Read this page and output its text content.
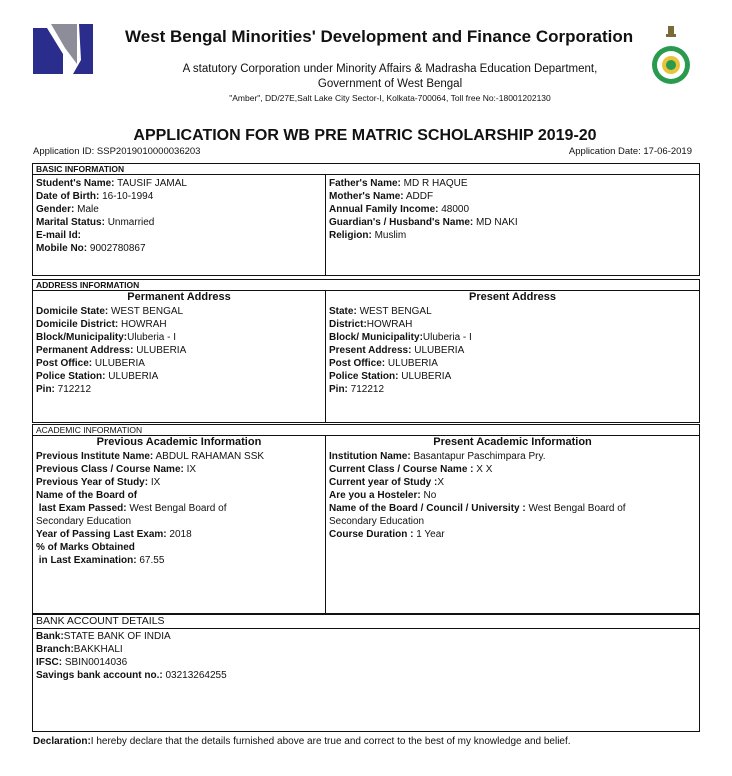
West Bengal Minorities' Development and Finance Corporation
A statutory Corporation under Minority Affairs & Madrasha Education Department,
Government of West Bengal
"Amber", DD/27E,Salt Lake City Sector-I, Kolkata-700064, Toll free No:-18001202130
APPLICATION FOR WB PRE MATRIC SCHOLARSHIP 2019-20
Application ID: SSP2019010000036203	Application Date: 17-06-2019
BASIC INFORMATION
Student's Name: TAUSIF JAMAL
Date of Birth: 16-10-1994
Gender: Male
Marital Status: Unmarried
E-mail Id:
Mobile No: 9002780867
Father's Name: MD R HAQUE
Mother's Name: ADDF
Annual Family Income: 48000
Guardian's / Husband's Name: MD NAKI
Religion: Muslim
ADDRESS INFORMATION
Permanent Address	Present Address
Domicile State: WEST BENGAL
Domicile District: HOWRAH
Block/Municipality:Uluberia - I
Permanent Address: ULUBERIA
Post Office: ULUBERIA
Police Station: ULUBERIA
Pin: 712212
State: WEST BENGAL
District:HOWRAH
Block/ Municipality:Uluberia - I
Present Address: ULUBERIA
Post Office: ULUBERIA
Police Station: ULUBERIA
Pin: 712212
ACADEMIC INFORMATION
Previous Academic Information	Present Academic Information
Previous Institute Name: ABDUL RAHAMAN SSK
Previous Class / Course Name: IX
Previous Year of Study: IX
Name of the Board of
last Exam Passed: West Bengal Board of
Secondary Education
Year of Passing Last Exam: 2018
% of Marks Obtained
in Last Examination: 67.55
Institution Name: Basantapur Paschimpara Pry.
Current Class / Course Name : X X
Current year of Study :X
Are you a Hosteler: No
Name of the Board / Council / University : West Bengal Board of
Secondary Education
Course Duration : 1 Year
BANK ACCOUNT DETAILS
Bank:STATE BANK OF INDIA
Branch:BAKKHALI
IFSC: SBIN0014036
Savings bank account no.: 03213264255
Declaration:I hereby declare that the details furnished above are true and correct to the best of my knowledge and belief.
